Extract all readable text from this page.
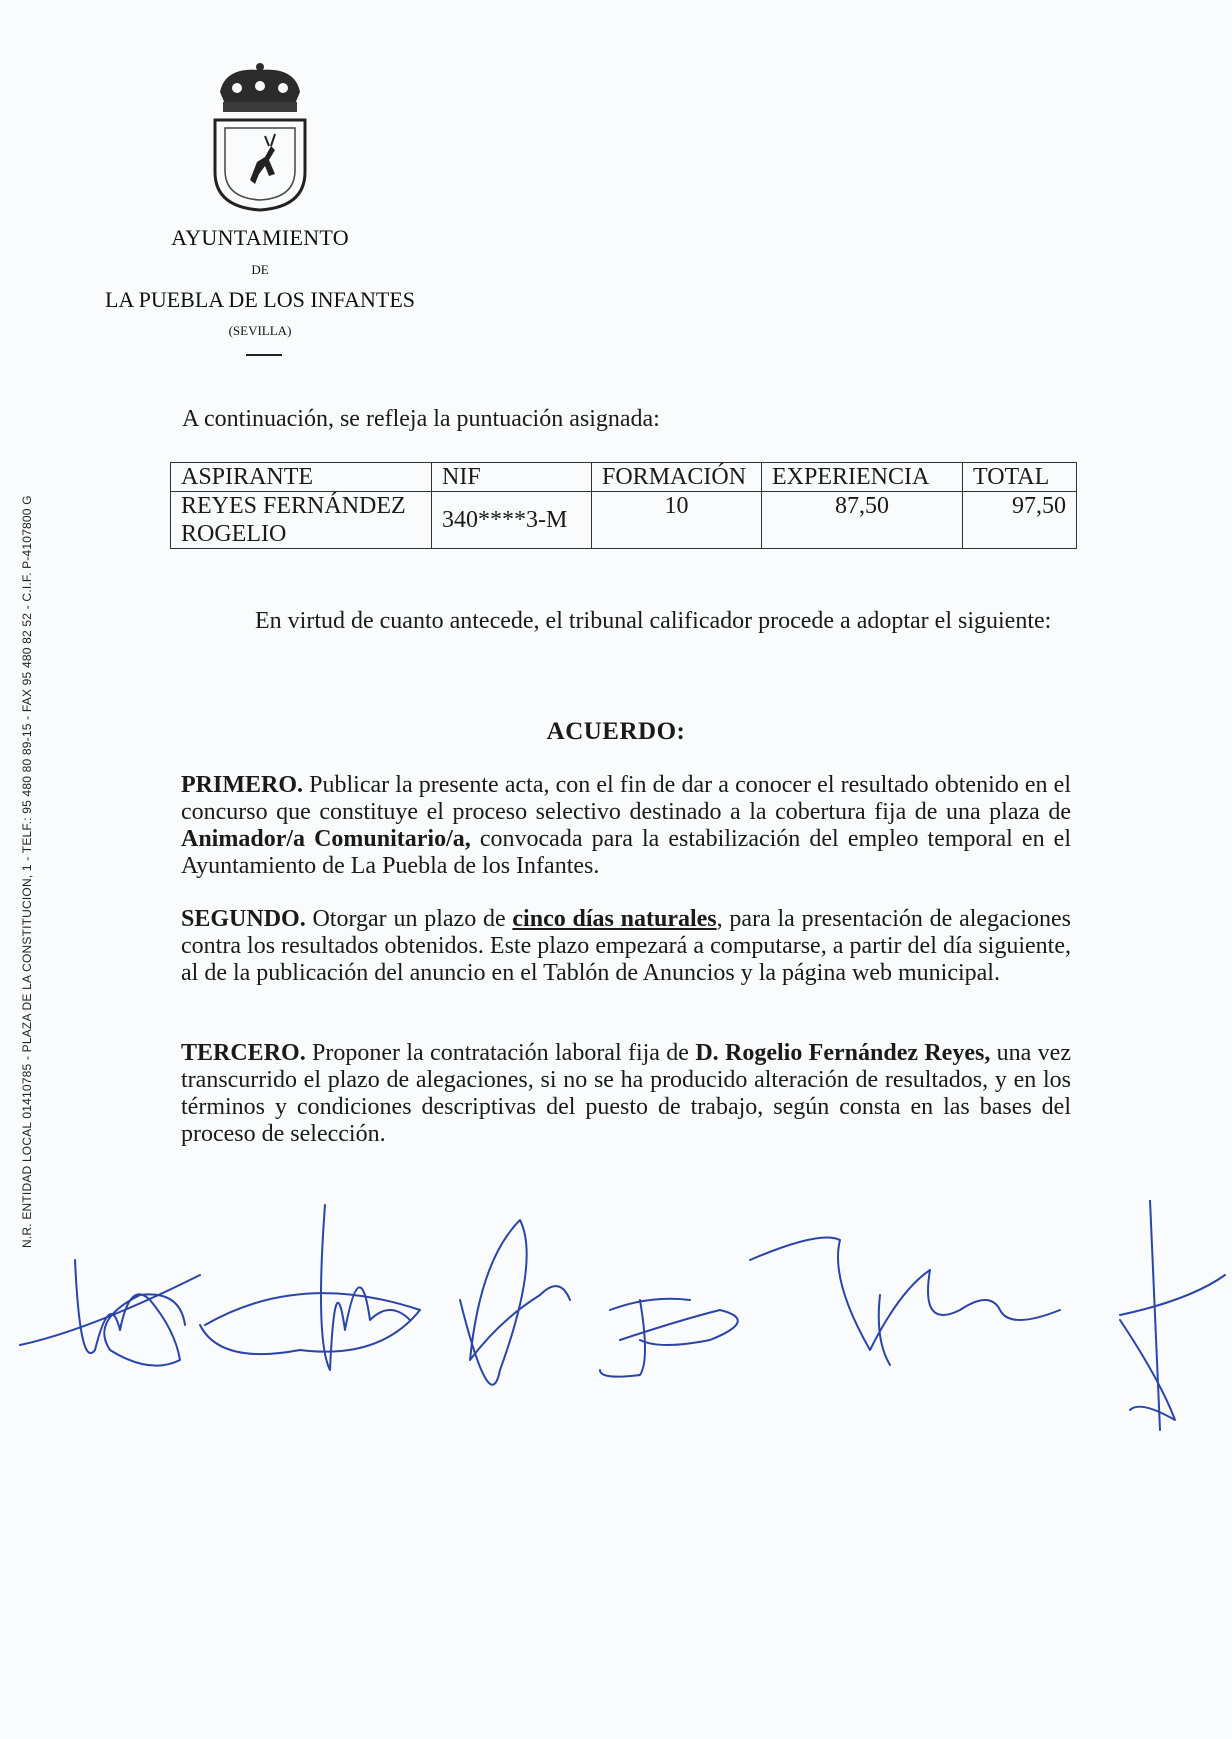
AYUNTAMIENTO
DE
LA PUEBLA DE LOS INFANTES
(SEVILLA)
N.R. ENTIDAD LOCAL 01410785 - PLAZA DE LA CONSTITUCION, 1 - TELF.: 95 480 80 89-15 - FAX 95 480 82 52 - C.I.F. P-4107800 G
A continuación, se refleja la puntuación asignada:
ASPIRANTE	NIF	FORMACIÓN	EXPERIENCIA	TOTAL

REYES FERNÁNDEZ
ROGELIO	340****3-M	10	87,50	97,50
En virtud de cuanto antecede, el tribunal calificador procede a adoptar el siguiente:
ACUERDO:
PRIMERO. Publicar la presente acta, con el fin de dar a conocer el resultado obtenido en el concurso que constituye el proceso selectivo destinado a la cobertura fija de una plaza de Animador/a Comunitario/a, convocada para la estabilización del empleo temporal en el Ayuntamiento de La Puebla de los Infantes.
SEGUNDO. Otorgar un plazo de cinco días naturales, para la presentación de alegaciones contra los resultados obtenidos. Este plazo empezará a computarse, a partir del día siguiente, al de la publicación del anuncio en el Tablón de Anuncios y la página web municipal.
TERCERO. Proponer la contratación laboral fija de D. Rogelio Fernández Reyes, una vez transcurrido el plazo de alegaciones, si no se ha producido alteración de resultados, y en los términos y condiciones descriptivas del puesto de trabajo, según consta en las bases del proceso de selección.
